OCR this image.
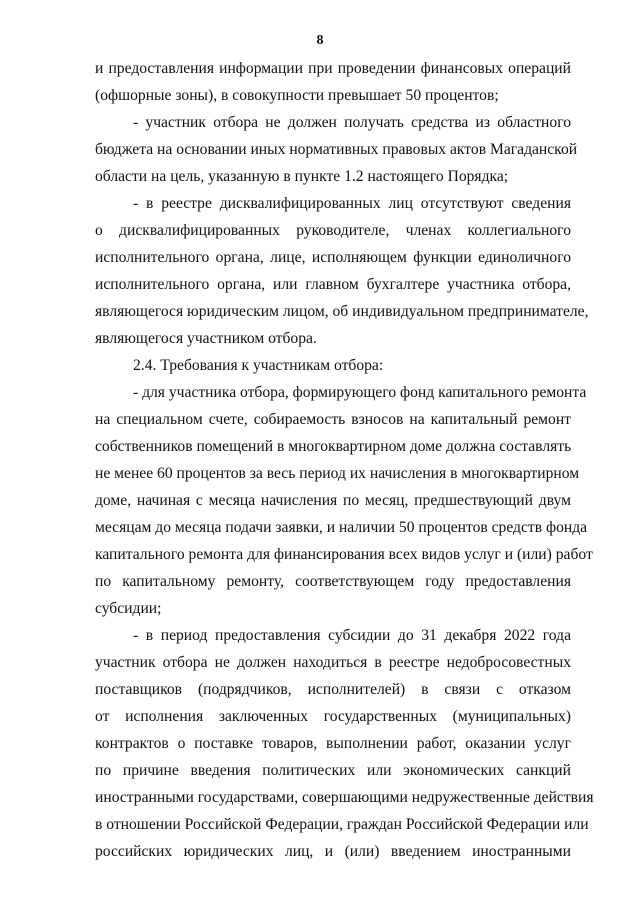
8
и предоставления информации при проведении финансовых операций
(офшорные зоны), в совокупности превышает 50 процентов;
- участник отбора не должен получать средства из областного
бюджета на основании иных нормативных правовых актов Магаданской
области на цель, указанную в пункте 1.2 настоящего Порядка;
- в реестре дисквалифицированных лиц отсутствуют сведения
о дисквалифицированных руководителе, членах коллегиального
исполнительного органа, лице, исполняющем функции единоличного
исполнительного органа, или главном бухгалтере участника отбора,
являющегося юридическим лицом, об индивидуальном предпринимателе,
являющегося участником отбора.
2.4. Требования к участникам отбора:
- для участника отбора, формирующего фонд капитального ремонта
на специальном счете, собираемость взносов на капитальный ремонт
собственников помещений в многоквартирном доме должна составлять
не менее 60 процентов за весь период их начисления в многоквартирном
доме, начиная с месяца начисления по месяц, предшествующий двум
месяцам до месяца подачи заявки, и наличии 50 процентов средств фонда
капитального ремонта для финансирования всех видов услуг и (или) работ
по капитальному ремонту, соответствующем году предоставления
субсидии;
- в период предоставления субсидии до 31 декабря 2022 года
участник отбора не должен находиться в реестре недобросовестных
поставщиков (подрядчиков, исполнителей) в связи с отказом
от исполнения заключенных государственных (муниципальных)
контрактов о поставке товаров, выполнении работ, оказании услуг
по причине введения политических или экономических санкций
иностранными государствами, совершающими недружественные действия
в отношении Российской Федерации, граждан Российской Федерации или
российских юридических лиц, и (или) введением иностранными
